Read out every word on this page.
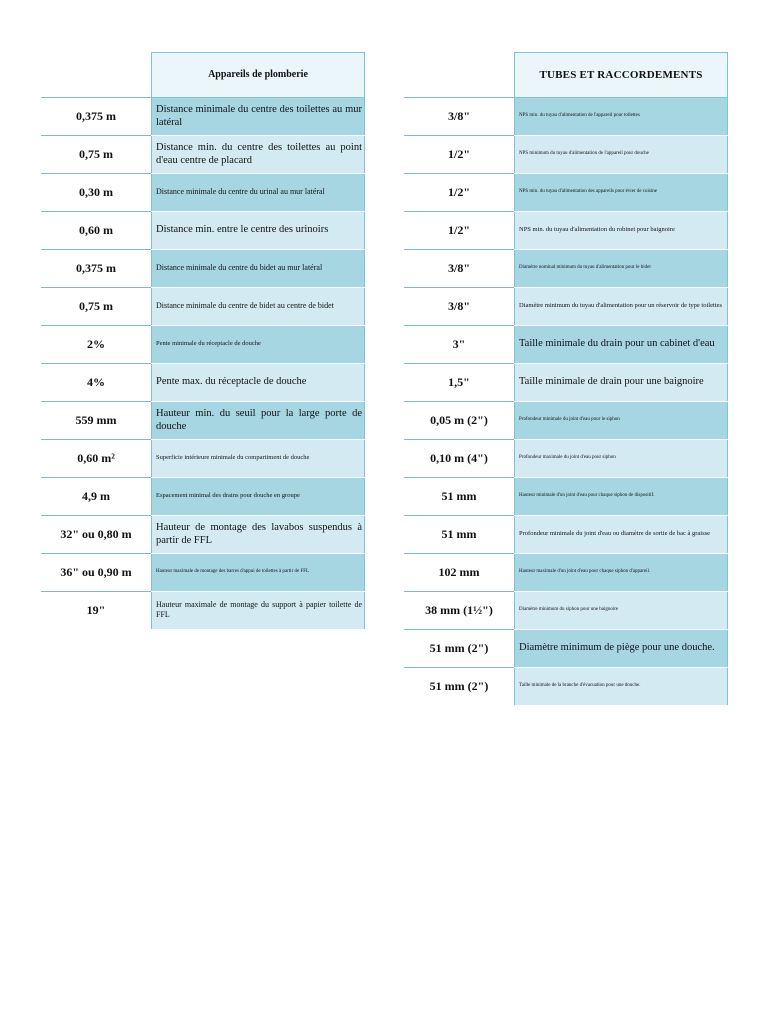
	Appareils de plomberie
0,375 m	Distance minimale du centre des toilettes au mur latéral
0,75 m	Distance min. du centre des toilettes au point d'eau centre de placard
0,30 m	Distance minimale du centre du urinal au mur latéral
0,60 m	Distance min. entre le centre des urinoirs
0,375 m	Distance minimale du centre du bidet au mur latéral
0,75 m	Distance minimale du centre de bidet au centre de bidet
2%	Pente minimale du réceptacle de douche
4%	Pente max. du réceptacle de douche
559 mm	Hauteur min. du seuil pour la large porte de douche
0,60 m²	Superficie intérieure minimale du compartiment de douche
4,9 m	Espacement minimal des drains pour douche en groupe
32" ou 0,80 m	Hauteur de montage des lavabos suspendus à partir de FFL
36" ou 0,90 m	Hauteur maximale de montage des barres d'appui de toilettes à partir de FFL
19"	Hauteur maximale de montage du support à papier toilette de FFL
	TUBES ET RACCORDEMENTS
3/8"	NPS min. du tuyau d'alimentation de l'appareil pour toilettes
1/2"	NPS minimum du tuyau d'alimentation de l'appareil pour douche
1/2"	NPS min. du tuyau d'alimentation des appareils pour évier de cuisine
1/2"	NPS min. du tuyau d'alimentation du robinet pour baignoire
3/8"	Diamètre nominal minimum du tuyau d'alimentation pour le bidet
3/8"	Diamètre minimum du tuyau d'alimentation pour un réservoir de type toilettes
3"	Taille minimale du drain pour un cabinet d'eau
1,5"	Taille minimale de drain pour une baignoire
0,05 m (2")	Profondeur minimale du joint d'eau pour le siphon
0,10 m (4")	Profondeur maximale du joint d'eau pour siphon
51 mm	Hauteur minimale d'un joint d'eau pour chaque siphon de dispositif.
51 mm	Profondeur minimale du joint d'eau ou diamètre de sortie de bac à graisse
102 mm	Hauteur maximale d'un joint d'eau pour chaque siphon d'appareil.
38 mm (1½")	Diamètre minimum du siphon pour une baignoire
51 mm (2")	Diamètre minimum de piège pour une douche.
51 mm (2")	Taille minimale de la branche d'évacuation pour une douche.
